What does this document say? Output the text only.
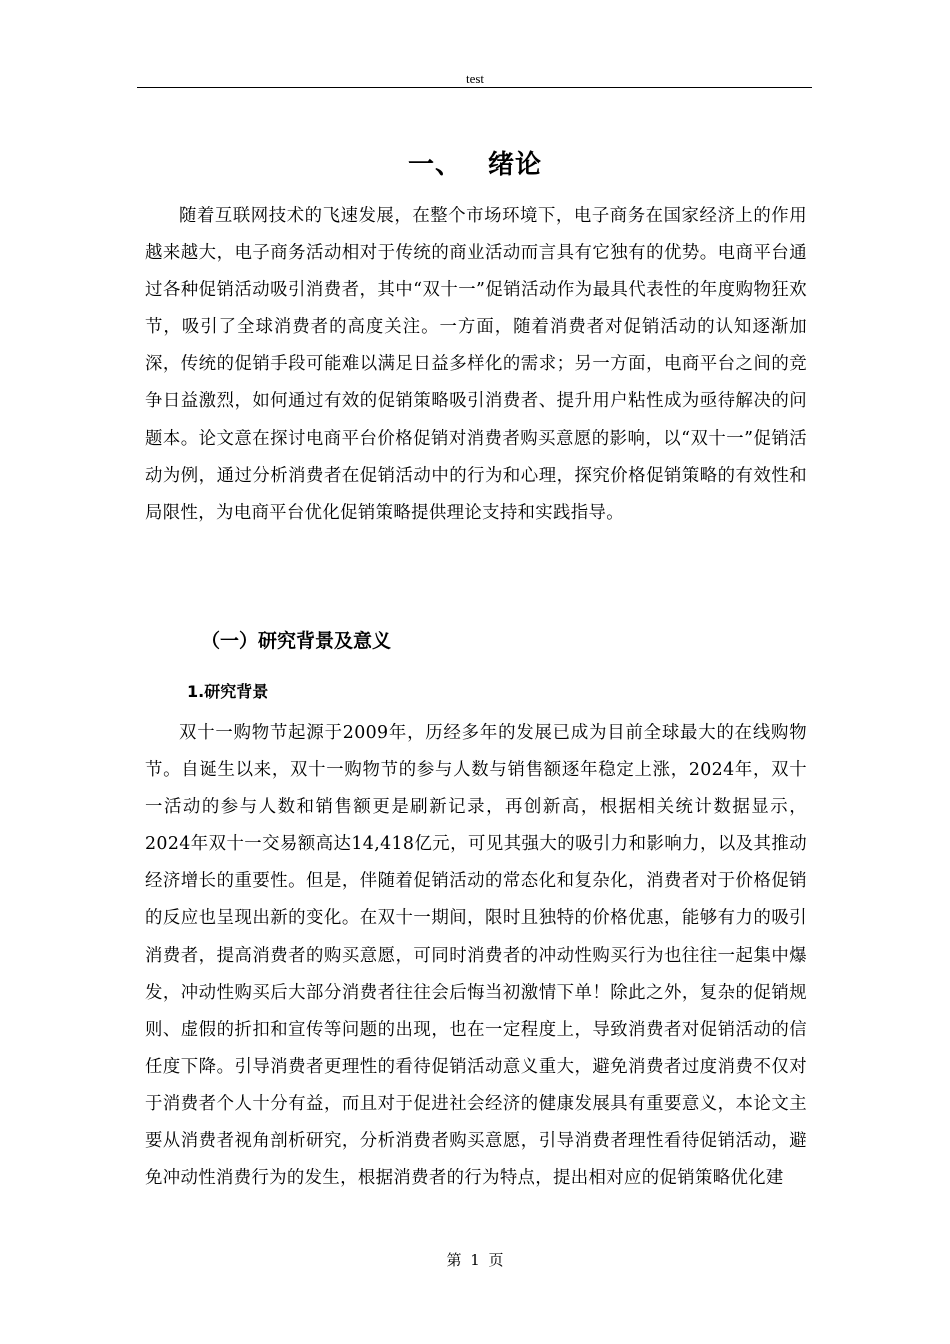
test
一、 绪论

随着互联网技术的飞速发展，在整个市场环境下，电子商务在国家经济上的作用越来越大，电子商务活动相对于传统的商业活动而言具有它独有的优势。电商平台通过各种促销活动吸引消费者，其中“双十一”促销活动作为最具代表性的年度购物狂欢节，吸引了全球消费者的高度关注。一方面，随着消费者对促销活动的认知逐渐加深，传统的促销手段可能难以满足日益多样化的需求；另一方面，电商平台之间的竞争日益激烈，如何通过有效的促销策略吸引消费者、提升用户粘性成为亟待解决的问题本。论文意在探讨电商平台价格促销对消费者购买意愿的影响，以“双十一”促销活动为例，通过分析消费者在促销活动中的行为和心理，探究价格促销策略的有效性和局限性，为电商平台优化促销策略提供理论支持和实践指导。

（一）研究背景及意义
1.研究背景

双十一购物节起源于2009年，历经多年的发展已成为目前全球最大的在线购物节。自诞生以来，双十一购物节的参与人数与销售额逐年稳定上涨，2024年，双十一活动的参与人数和销售额更是刷新记录，再创新高，根据相关统计数据显示，2024年双十一交易额高达14,418亿元，可见其强大的吸引力和影响力，以及其推动经济增长的重要性。但是，伴随着促销活动的常态化和复杂化，消费者对于价格促销的反应也呈现出新的变化。在双十一期间，限时且独特的价格优惠，能够有力的吸引消费者，提高消费者的购买意愿，可同时消费者的冲动性购买行为也往往一起集中爆发，冲动性购买后大部分消费者往往会后悔当初激情下单！除此之外，复杂的促销规则、虚假的折扣和宣传等问题的出现，也在一定程度上，导致消费者对促销活动的信任度下降。引导消费者更理性的看待促销活动意义重大，避免消费者过度消费不仅对于消费者个人十分有益，而且对于促进社会经济的健康发展具有重要意义，本论文主要从消费者视角剖析研究，分析消费者购买意愿，引导消费者理性看待促销活动，避免冲动性消费行为的发生，根据消费者的行为特点，提出相对应的促销策略优化建

第 1 页
